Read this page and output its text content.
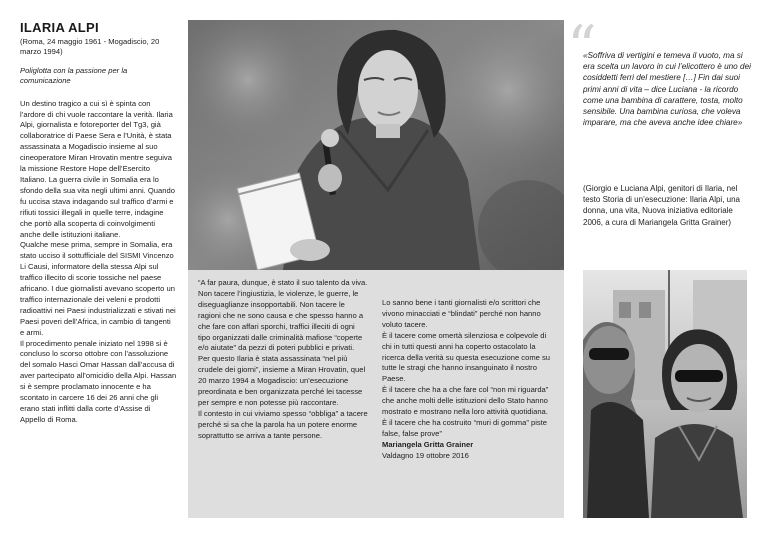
ILARIA ALPI
(Roma, 24 maggio 1961 - Mogadiscio, 20 marzo 1994)
Poliglotta con la passione per la comunicazione

Un destino tragico a cui sì è spinta con l’ardore di chi vuole raccontare la verità. Ilaria Alpi, giornalista e fotoreporter del Tg3, già collaboratrice di Paese Sera e l’Unità, è stata assassinata a Mogadiscio insieme al suo cineoperatore Miran Hrovatin mentre seguiva la missione Restore Hope dell’Esercito Italiano. La guerra civile in Somalia era lo sfondo della sua vita negli ultimi anni. Quando fu uccisa stava indagando sul traffico d’armi e rifiuti tossici illegali in quelle terre, indagine che portò alla scoperta di coinvolgimenti anche delle istituzioni italiane.

Qualche mese prima, sempre in Somalia, era stato ucciso il sottufficiale del SISMI Vincenzo Li Causi, informatore della stessa Alpi sul traffico illecito di scorie tossiche nel paese africano. I due giornalisti avevano scoperto un traffico internazionale dei veleni e prodotti radioattivi nei Paesi industrializzati e stivati nei Paesi poveri dell’Africa, in cambio di tangenti e armi.

Il procedimento penale iniziato nel 1998 si è concluso lo scorso ottobre con l’assoluzione del somalo Hasci Omar Hassan dall’accusa di aver partecipato all’omicidio della Alpi. Hassan si è sempre proclamato innocente e ha scontato in carcere 16 dei 26 anni che gli erano stati inflitti dalla corte d’Assise di Appello di Roma.

“A far paura, dunque, è stato il suo talento da viva.

Non tacere l’ingiustizia, le violenze, le guerre, le diseguaglianze insopportabili. Non tacere le ragioni che ne sono causa e che spesso hanno a che fare con affari sporchi, traffici illeciti di ogni tipo organizzati dalle criminalità mafiose “coperte e/o aiutate” da pezzi di poteri pubblici e privati.

Per questo Ilaria è stata assassinata “nel più crudele dei giorni”, insieme a Miran Hrovatin, quel 20 marzo 1994 a Mogadiscio: un’esecuzione preordinata e ben organizzata perché lei tacesse per sempre e non potesse più raccontare.

Il contesto in cui viviamo spesso “obbliga” a tacere perché si sa che la parola ha un potere enorme soprattutto se arriva a tante persone.

Lo sanno bene i tanti giornalisti e/o scrittori che vivono minacciati e “blindati” perché non hanno voluto tacere.

È il tacere come omertà silenziosa e colpevole di chi in tutti questi anni ha coperto ostacolato la ricerca della verità su questa esecuzione come su tutte le stragi che hanno insanguinato il nostro Paese.

È il tacere che ha a che fare col “non mi riguarda” che anche molti delle istituzioni dello Stato hanno mostrato e mostrano nella loro attività quotidiana.

È il tacere che ha costruito “muri di gomma” piste false, false prove”

Mariangela Gritta Grainer

Valdagno 19 ottobre 2016

“
«Soffriva di vertigini e temeva il vuoto, ma si era scelta un lavoro in cui l’elicottero è uno dei cosiddetti ferri del mestiere […] Fin dai suoi primi anni di vita – dice Luciana - la ricordo come una bambina di carattere, tosta, molto sensibile. Una bambina curiosa, che voleva imparare, ma che aveva anche idee chiare»
(Giorgio e Luciana Alpi, genitori di Ilaria, nel testo Storia di un’esecuzione: Ilaria Alpi, una donna, una vita, Nuova iniziativa editoriale 2006, a cura di Mariangela Gritta Grainer)
